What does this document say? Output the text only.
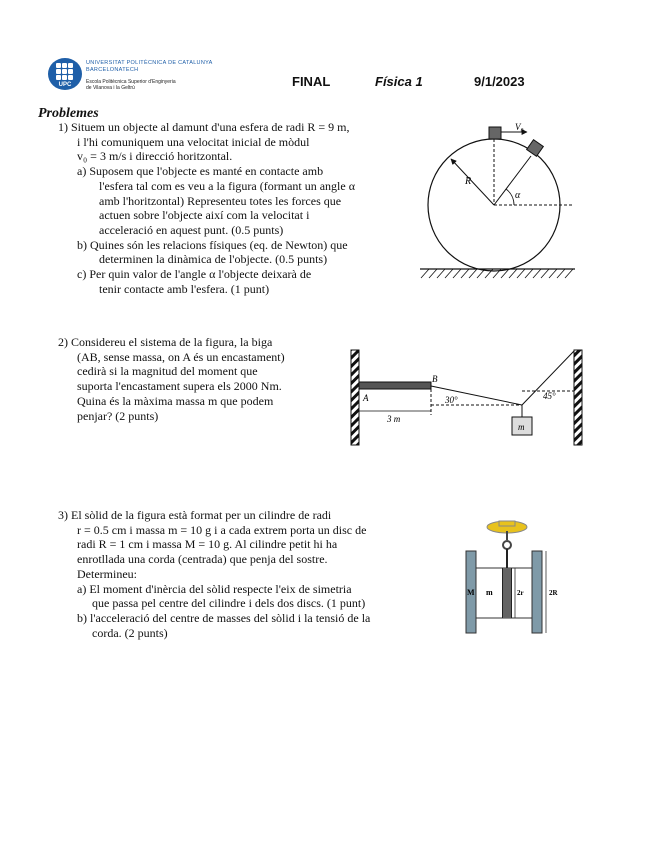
UPC
UNIVERSITAT POLITÈCNICA DE CATALUNYA
BARCELONATECH
Escola Politècnica Superior d'Enginyeria
de Vilanova i la Geltrú	FINAL	Física 1	9/1/2023
Problemes
1) Situem un objecte al damunt d'una esfera de radi R = 9 m,
i l'hi comuniquem una velocitat inicial de mòdul
v₀ = 3 m/s i direcció horitzontal.
a) Suposem que l'objecte es manté en contacte amb
l'esfera tal com es veu a la figura (formant un angle α
amb l'horitzontal) Representeu totes les forces que
actuen sobre l'objecte així com la velocitat i
acceleració en aquest punt. (0.5 punts)
b) Quines són les relacions físiques (eq. de Newton) que
determinen la dinàmica de l'objecte. (0.5 punts)
c) Per quin valor de l'angle α l'objecte deixarà de
tenir contacte amb l'esfera. (1 punt)
V₀
R
α
2) Considereu el sistema de la figura, la biga
(AB, sense massa, on A és un encastament)
cedirà si la magnitud del moment que
suporta l'encastament supera els 2000 Nm.
Quina és la màxima massa m que podem
penjar? (2 punts)
A
B
30°	45°
3 m
m
3) El sòlid de la figura està format per un cilindre de radi
r = 0.5 cm i massa m = 10 g i a cada extrem porta un disc de
radi R = 1 cm i massa M = 10 g. Al cilindre petit hi ha
enrotllada una corda (centrada) que penja del sostre.
Determineu:
a) El moment d'inèrcia del sòlid respecte l'eix de simetria
que passa pel centre del cilindre i dels dos discs. (1 punt)
b) l'acceleració del centre de masses del sòlid i la tensió de la
corda. (2 punts)
M m	2r	2R
